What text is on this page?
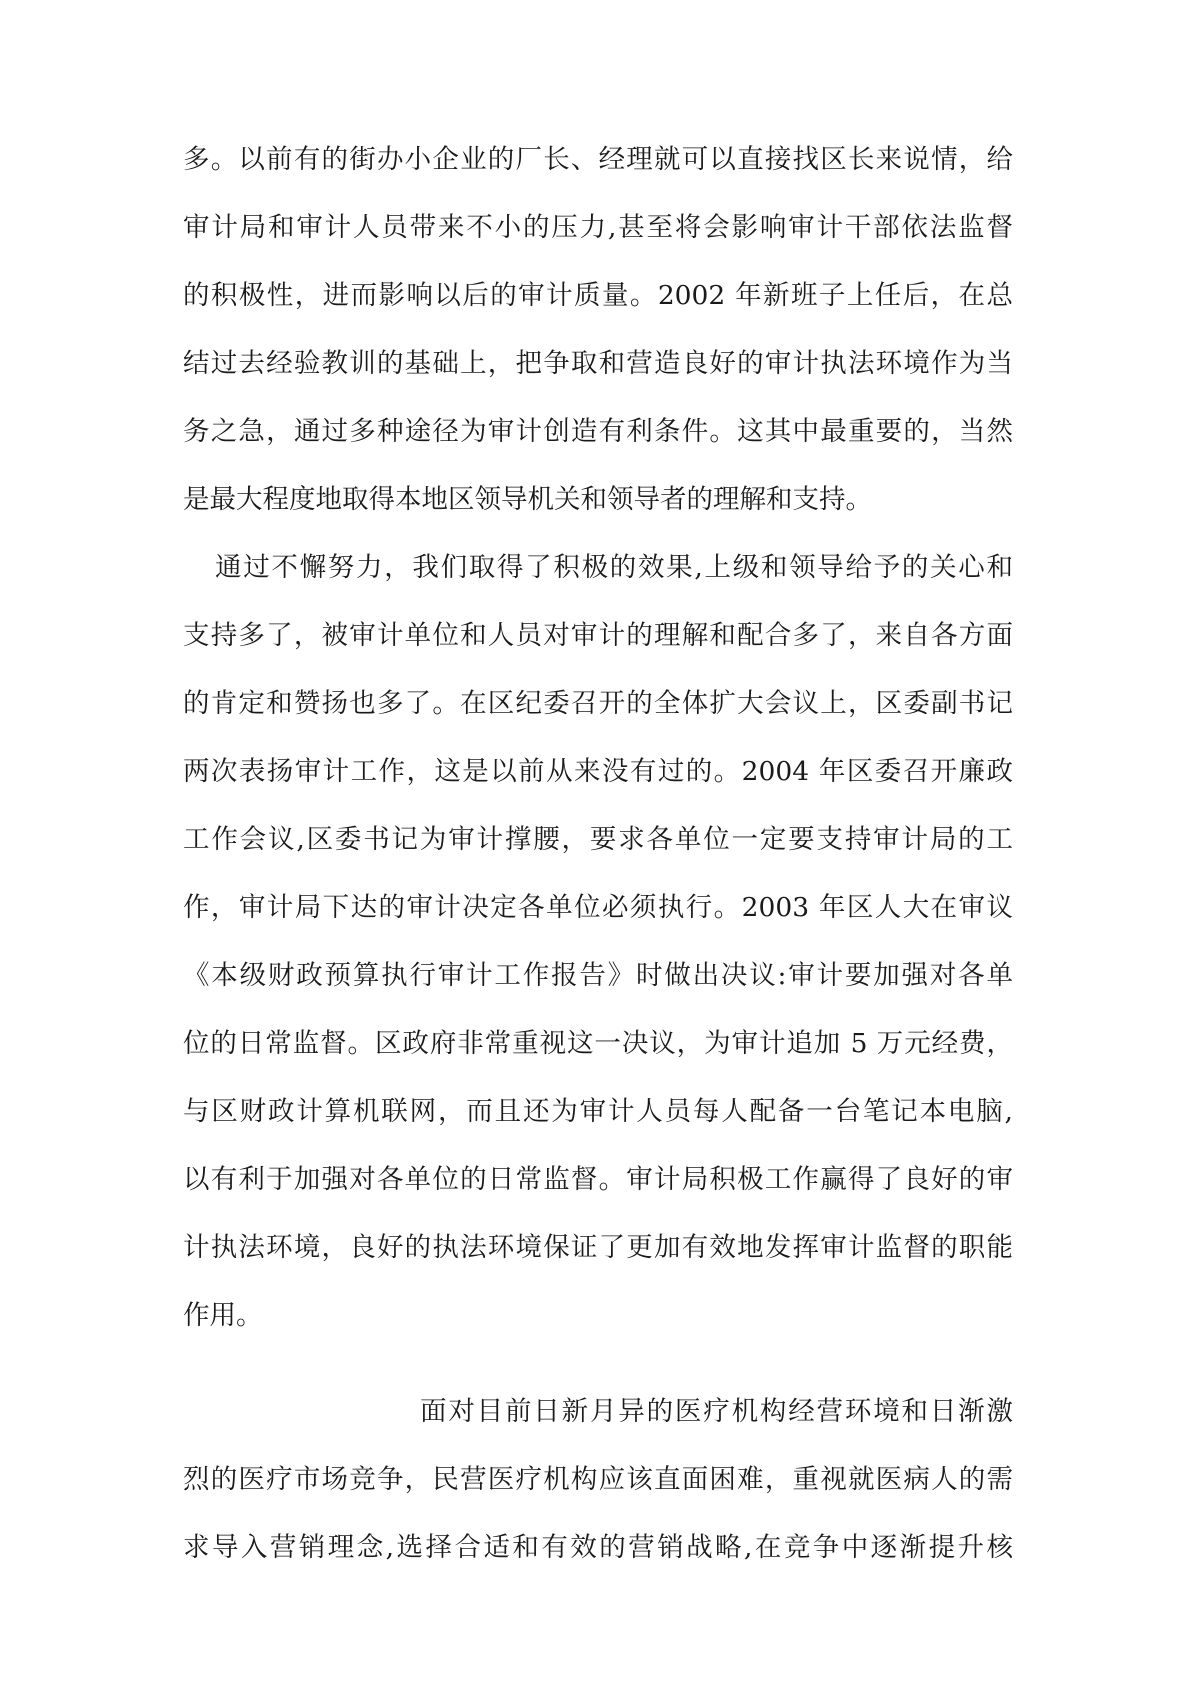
多。以前有的街办小企业的厂长、经理就可以直接找区长来说情，给
审计局和审计人员带来不小的压力,甚至将会影响审计干部依法监督
的积极性，进而影响以后的审计质量。2002 年新班子上任后，在总
结过去经验教训的基础上，把争取和营造良好的审计执法环境作为当
务之急，通过多种途径为审计创造有利条件。这其中最重要的，当然
是最大程度地取得本地区领导机关和领导者的理解和支持。
通过不懈努力，我们取得了积极的效果,上级和领导给予的关心和
支持多了，被审计单位和人员对审计的理解和配合多了，来自各方面
的肯定和赞扬也多了。在区纪委召开的全体扩大会议上，区委副书记
两次表扬审计工作，这是以前从来没有过的。2004 年区委召开廉政
工作会议,区委书记为审计撑腰，要求各单位一定要支持审计局的工
作，审计局下达的审计决定各单位必须执行。2003 年区人大在审议
《本级财政预算执行审计工作报告》时做出决议:审计要加强对各单
位的日常监督。区政府非常重视这一决议，为审计追加 5 万元经费，
与区财政计算机联网，而且还为审计人员每人配备一台笔记本电脑,
以有利于加强对各单位的日常监督。审计局积极工作赢得了良好的审
计执法环境，良好的执法环境保证了更加有效地发挥审计监督的职能
作用。
面对目前日新月异的医疗机构经营环境和日渐激
烈的医疗市场竞争，民营医疗机构应该直面困难，重视就医病人的需
求导入营销理念,选择合适和有效的营销战略,在竞争中逐渐提升核
